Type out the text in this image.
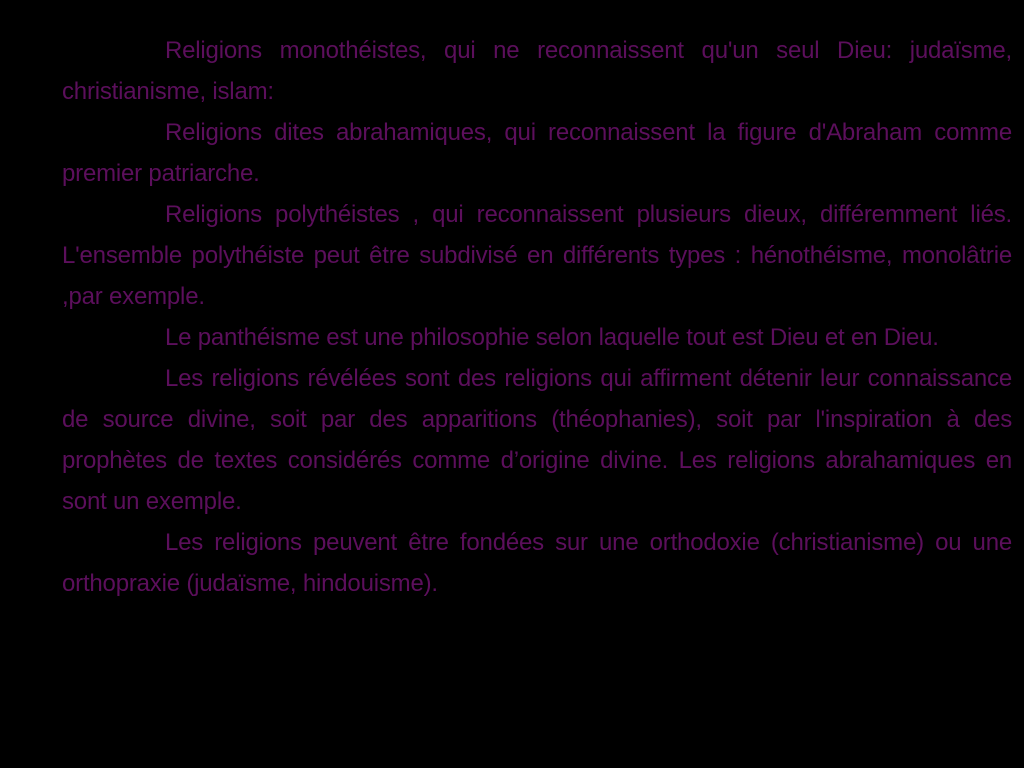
Religions monothéistes, qui ne reconnaissent qu'un seul Dieu: judaïsme, christianisme, islam:

Religions dites abrahamiques, qui reconnaissent la figure d'Abraham comme premier patriarche.

Religions polythéistes , qui reconnaissent plusieurs dieux, différemment liés. L'ensemble polythéiste peut être subdivisé en différents types : hénothéisme, monolâtrie ,par exemple.

Le panthéisme est une philosophie selon laquelle tout est Dieu et en Dieu.

Les religions révélées sont des religions qui affirment détenir leur connaissance de source divine, soit par des apparitions (théophanies), soit par l'inspiration à des prophètes de textes considérés comme d’origine divine. Les religions abrahamiques en sont un exemple.

Les religions peuvent être fondées sur une orthodoxie (christianisme) ou une orthopraxie (judaïsme, hindouisme).
